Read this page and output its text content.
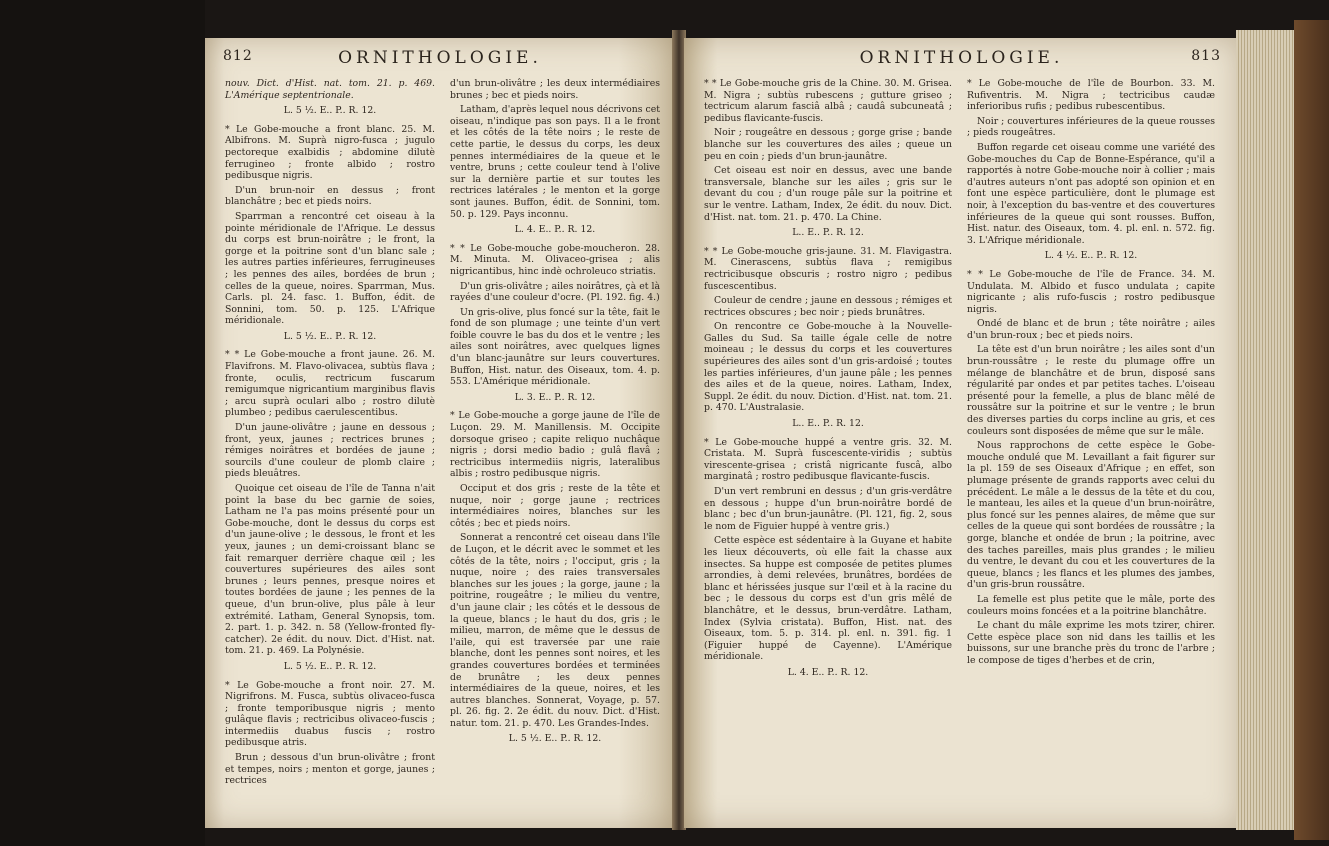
812	ORNITHOLOGIE.

nouv. Dict. d'Hist. nat. tom. 21. p. 469. L'Amérique septentrionale.

L. 5 ½. E.. P.. R. 12.

* Le Gobe-mouche a front blanc. 25. M. Albifrons. M. Suprà nigro-fusca ; jugulo pectoreque exalbidis ; abdomine dilutè ferrugineo ; fronte albido ; rostro pedibusque nigris.

D'un brun-noir en dessus ; front blanchâtre ; bec et pieds noirs.

Sparrman a rencontré cet oiseau à la pointe méridionale de l'Afrique. Le dessus du corps est brun-noirâtre ; le front, la gorge et la poitrine sont d'un blanc sale ; les autres parties inférieures, ferrugineuses ; les pennes des ailes, bordées de brun ; celles de la queue, noires. Sparrman, Mus. Carls. pl. 24. fasc. 1. Buffon, édit. de Sonnini, tom. 50. p. 125. L'Afrique méridionale.

L. 5 ½. E.. P.. R. 12.

* * Le Gobe-mouche a front jaune. 26. M. Flavifrons. M. Flavo-olivacea, subtùs flava ; fronte, oculis, rectricum fuscarum remigumque nigricantium marginibus flavis ; arcu suprà oculari albo ; rostro dilutè plumbeo ; pedibus caerulescentibus.

D'un jaune-olivâtre ; jaune en dessous ; front, yeux, jaunes ; rectrices brunes ; rémiges noirâtres et bordées de jaune ; sourcils d'une couleur de plomb claire ; pieds bleuâtres.

Quoique cet oiseau de l'île de Tanna n'ait point la base du bec garnie de soies, Latham ne l'a pas moins présenté pour un Gobe-mouche, dont le dessus du corps est d'un jaune-olive ; le dessous, le front et les yeux, jaunes ; un demi-croissant blanc se fait remarquer derrière chaque œil ; les couvertures supérieures des ailes sont brunes ; leurs pennes, presque noires et toutes bordées de jaune ; les pennes de la queue, d'un brun-olive, plus pâle à leur extrémité. Latham, General Synopsis, tom. 2. part. 1. p. 342. n. 58 (Yellow-fronted fly-catcher). 2e édit. du nouv. Dict. d'Hist. nat. tom. 21. p. 469. La Polynésie.

L. 5 ½. E.. P.. R. 12.

* Le Gobe-mouche a front noir. 27. M. Nigrifrons. M. Fusca, subtùs olivaceo-fusca ; fronte temporibusque nigris ; mento gulâque flavis ; rectricibus olivaceo-fuscis ; intermediis duabus fuscis ; rostro pedibusque atris.

Brun ; dessous d'un brun-olivâtre ; front et tempes, noirs ; menton et gorge, jaunes ; rectrices

d'un brun-olivâtre ; les deux intermédiaires brunes ; bec et pieds noirs.

Latham, d'après lequel nous décrivons cet oiseau, n'indique pas son pays. Il a le front et les côtés de la tête noirs ; le reste de cette partie, le dessus du corps, les deux pennes intermédiaires de la queue et le ventre, bruns ; cette couleur tend à l'olive sur la dernière partie et sur toutes les rectrices latérales ; le menton et la gorge sont jaunes. Buffon, édit. de Sonnini, tom. 50. p. 129. Pays inconnu.

L. 4. E.. P.. R. 12.

* * Le Gobe-mouche gobe-moucheron. 28. M. Minuta. M. Olivaceo-grisea ; alis nigricantibus, hinc indè ochroleuco striatis.

D'un gris-olivâtre ; ailes noirâtres, çà et là rayées d'une couleur d'ocre. (Pl. 192. fig. 4.)

Un gris-olive, plus foncé sur la tête, fait le fond de son plumage ; une teinte d'un vert foible couvre le bas du dos et le ventre ; les ailes sont noirâtres, avec quelques lignes d'un blanc-jaunâtre sur leurs couvertures. Buffon, Hist. natur. des Oiseaux, tom. 4. p. 553. L'Amérique méridionale.

L. 3. E.. P.. R. 12.

* Le Gobe-mouche a gorge jaune de l'île de Luçon. 29. M. Manillensis. M. Occipite dorsoque griseo ; capite reliquo nuchâque nigris ; dorsi medio badio ; gulâ flavâ ; rectricibus intermediis nigris, lateralibus albis ; rostro pedibusque nigris.

Occiput et dos gris ; reste de la tête et nuque, noir ; gorge jaune ; rectrices intermédiaires noires, blanches sur les côtés ; bec et pieds noirs.

Sonnerat a rencontré cet oiseau dans l'île de Luçon, et le décrit avec le sommet et les côtés de la tête, noirs ; l'occiput, gris ; la nuque, noire ; des raies transversales blanches sur les joues ; la gorge, jaune ; la poitrine, rougeâtre ; le milieu du ventre, d'un jaune clair ; les côtés et le dessous de la queue, blancs ; le haut du dos, gris ; le milieu, marron, de même que le dessus de l'aile, qui est traversée par une raie blanche, dont les pennes sont noires, et les grandes couvertures bordées et terminées de brunâtre ; les deux pennes intermédiaires de la queue, noires, et les autres blanches. Sonnerat, Voyage, p. 57. pl. 26. fig. 2. 2e édit. du nouv. Dict. d'Hist. natur. tom. 21. p. 470. Les Grandes-Indes.

L. 5 ½. E.. P.. R. 12.

ORNITHOLOGIE.	813

* * Le Gobe-mouche gris de la Chine. 30. M. Grisea. M. Nigra ; subtùs rubescens ; gutture griseo ; tectricum alarum fasciâ albâ ; caudâ subcuneatâ ; pedibus flavicante-fuscis.

Noir ; rougeâtre en dessous ; gorge grise ; bande blanche sur les couvertures des ailes ; queue un peu en coin ; pieds d'un brun-jaunâtre.

Cet oiseau est noir en dessus, avec une bande transversale, blanche sur les ailes ; gris sur le devant du cou ; d'un rouge pâle sur la poitrine et sur le ventre. Latham, Index, 2e édit. du nouv. Dict. d'Hist. nat. tom. 21. p. 470. La Chine.

L.. E.. P.. R. 12.

* * Le Gobe-mouche gris-jaune. 31. M. Flavigastra. M. Cinerascens, subtùs flava ; remigibus rectricibusque obscuris ; rostro nigro ; pedibus fuscescentibus.

Couleur de cendre ; jaune en dessous ; rémiges et rectrices obscures ; bec noir ; pieds brunâtres.

On rencontre ce Gobe-mouche à la Nouvelle-Galles du Sud. Sa taille égale celle de notre moineau ; le dessus du corps et les couvertures supérieures des ailes sont d'un gris-ardoisé ; toutes les parties inférieures, d'un jaune pâle ; les pennes des ailes et de la queue, noires. Latham, Index, Suppl. 2e édit. du nouv. Diction. d'Hist. nat. tom. 21. p. 470. L'Australasie.

L.. E.. P.. R. 12.

* Le Gobe-mouche huppé a ventre gris. 32. M. Cristata. M. Suprà fuscescente-viridis ; subtùs virescente-grisea ; cristâ nigricante fuscâ, albo marginatâ ; rostro pedibusque flavicante-fuscis.

D'un vert rembruni en dessus ; d'un gris-verdâtre en dessous ; huppe d'un brun-noirâtre bordé de blanc ; bec d'un brun-jaunâtre. (Pl. 121, fig. 2, sous le nom de Figuier huppé à ventre gris.)

Cette espèce est sédentaire à la Guyane et habite les lieux découverts, où elle fait la chasse aux insectes. Sa huppe est composée de petites plumes arrondies, à demi relevées, brunâtres, bordées de blanc et hérissées jusque sur l'œil et à la racine du bec ; le dessous du corps est d'un gris mêlé de blanchâtre, et le dessus, brun-verdâtre. Latham, Index (Sylvia cristata). Buffon, Hist. nat. des Oiseaux, tom. 5. p. 314. pl. enl. n. 391. fig. 1 (Figuier huppé de Cayenne). L'Amérique méridionale.

L. 4. E.. P.. R. 12.

* Le Gobe-mouche de l'île de Bourbon. 33. M. Rufiventris. M. Nigra ; tectricibus caudæ inferioribus rufis ; pedibus rubescentibus.

Noir ; couvertures inférieures de la queue rousses ; pieds rougeâtres.

Buffon regarde cet oiseau comme une variété des Gobe-mouches du Cap de Bonne-Espérance, qu'il a rapportés à notre Gobe-mouche noir à collier ; mais d'autres auteurs n'ont pas adopté son opinion et en font une espèce particulière, dont le plumage est noir, à l'exception du bas-ventre et des couvertures inférieures de la queue qui sont rousses. Buffon, Hist. natur. des Oiseaux, tom. 4. pl. enl. n. 572. fig. 3. L'Afrique méridionale.

L. 4 ½. E.. P.. R. 12.

* * Le Gobe-mouche de l'île de France. 34. M. Undulata. M. Albido et fusco undulata ; capite nigricante ; alis rufo-fuscis ; rostro pedibusque nigris.

Ondé de blanc et de brun ; tête noirâtre ; ailes d'un brun-roux ; bec et pieds noirs.

La tête est d'un brun noirâtre ; les ailes sont d'un brun-roussâtre ; le reste du plumage offre un mélange de blanchâtre et de brun, disposé sans régularité par ondes et par petites taches. L'oiseau présenté pour la femelle, a plus de blanc mêlé de roussâtre sur la poitrine et sur le ventre ; le brun des diverses parties du corps incline au gris, et ces couleurs sont disposées de même que sur le mâle.

Nous rapprochons de cette espèce le Gobe-mouche ondulé que M. Levaillant a fait figurer sur la pl. 159 de ses Oiseaux d'Afrique ; en effet, son plumage présente de grands rapports avec celui du précédent. Le mâle a le dessus de la tête et du cou, le manteau, les ailes et la queue d'un brun-noirâtre, plus foncé sur les pennes alaires, de même que sur celles de la queue qui sont bordées de roussâtre ; la gorge, blanche et ondée de brun ; la poitrine, avec des taches pareilles, mais plus grandes ; le milieu du ventre, le devant du cou et les couvertures de la queue, blancs ; les flancs et les plumes des jambes, d'un gris-brun roussâtre.

La femelle est plus petite que le mâle, porte des couleurs moins foncées et a la poitrine blanchâtre.

Le chant du mâle exprime les mots tzirer, chirer. Cette espèce place son nid dans les taillis et les buissons, sur une branche près du tronc de l'arbre ; le compose de tiges d'herbes et de crin,
